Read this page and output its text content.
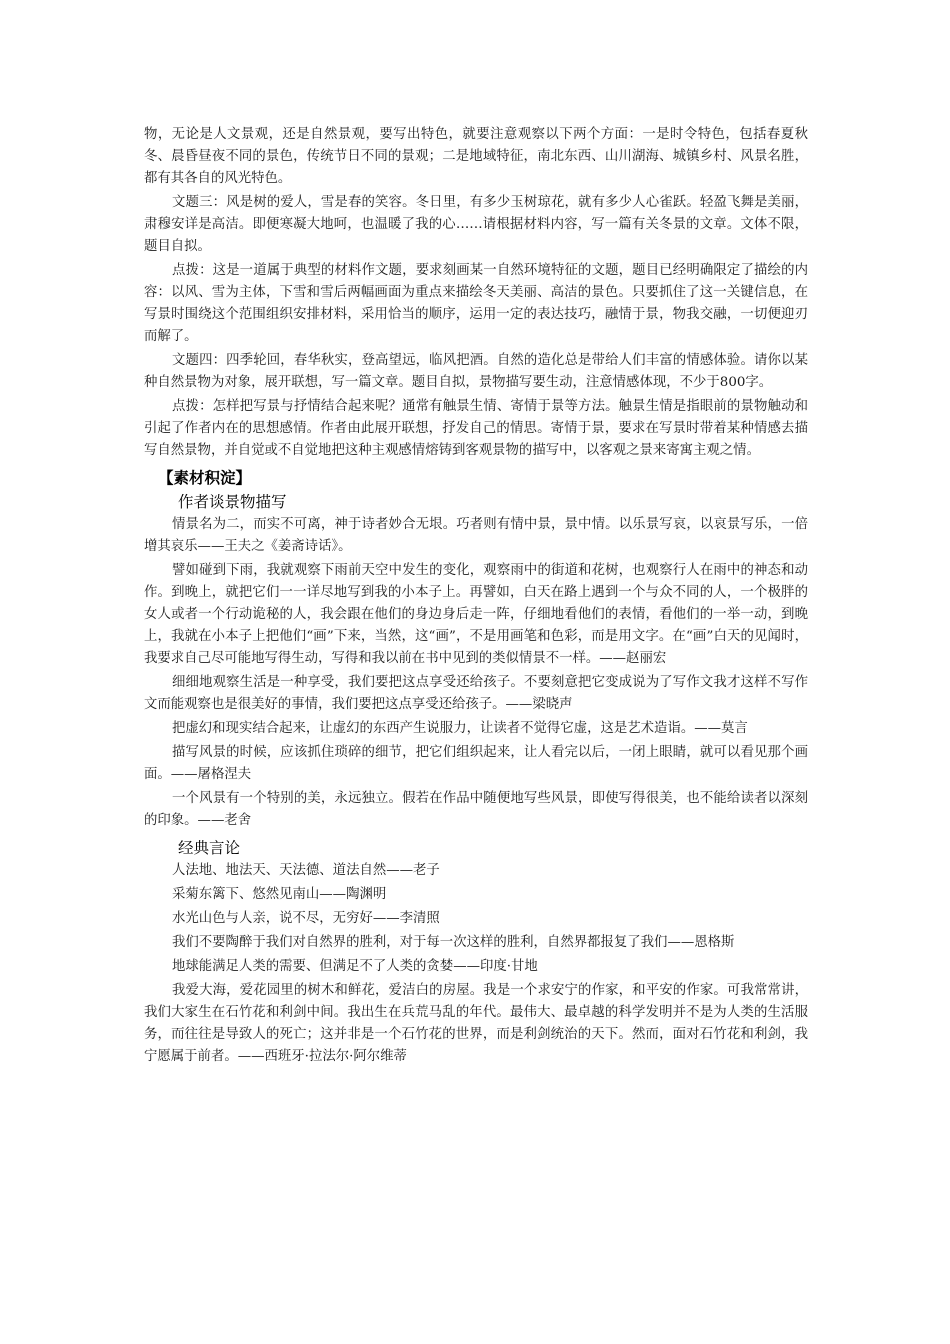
物，无论是人文景观，还是自然景观，要写出特色，就要注意观察以下两个方面：一是时令特色，包括春夏秋冬、晨昏昼夜不同的景色，传统节日不同的景观；二是地域特征，南北东西、山川湖海、城镇乡村、风景名胜，都有其各自的风光特色。

文题三：风是树的爱人，雪是春的笑容。冬日里，有多少玉树琼花，就有多少人心雀跃。轻盈飞舞是美丽，肃穆安详是高洁。即便寒凝大地呵，也温暖了我的心……请根据材料内容，写一篇有关冬景的文章。文体不限，题目自拟。

点拨：这是一道属于典型的材料作文题，要求刻画某一自然环境特征的文题，题目已经明确限定了描绘的内容：以风、雪为主体，下雪和雪后两幅画面为重点来描绘冬天美丽、高洁的景色。只要抓住了这一关键信息，在写景时围绕这个范围组织安排材料，采用恰当的顺序，运用一定的表达技巧，融情于景，物我交融，一切便迎刃而解了。

文题四：四季轮回，春华秋实，登高望远，临风把酒。自然的造化总是带给人们丰富的情感体验。请你以某种自然景物为对象，展开联想，写一篇文章。题目自拟，景物描写要生动，注意情感体现，不少于800字。

点拨：怎样把写景与抒情结合起来呢？通常有触景生情、寄情于景等方法。触景生情是指眼前的景物触动和引起了作者内在的思想感情。作者由此展开联想，抒发自己的情思。寄情于景，要求在写景时带着某种情感去描写自然景物，并自觉或不自觉地把这种主观感情熔铸到客观景物的描写中，以客观之景来寄寓主观之情。

【素材积淀】
作者谈景物描写

情景名为二，而实不可离，神于诗者妙合无垠。巧者则有情中景，景中情。以乐景写哀，以哀景写乐，一倍增其哀乐——王夫之《姜斋诗话》。

譬如碰到下雨，我就观察下雨前天空中发生的变化，观察雨中的街道和花树，也观察行人在雨中的神态和动作。到晚上，就把它们一一详尽地写到我的小本子上。再譬如，白天在路上遇到一个与众不同的人，一个极胖的女人或者一个行动诡秘的人，我会跟在他们的身边身后走一阵，仔细地看他们的表情，看他们的一举一动，到晚上，我就在小本子上把他们“画”下来，当然，这“画”，不是用画笔和色彩，而是用文字。在“画”白天的见闻时，我要求自己尽可能地写得生动，写得和我以前在书中见到的类似情景不一样。——赵丽宏

细细地观察生活是一种享受，我们要把这点享受还给孩子。不要刻意把它变成说为了写作文我才这样不写作文而能观察也是很美好的事情，我们要把这点享受还给孩子。——梁晓声

把虚幻和现实结合起来，让虚幻的东西产生说服力，让读者不觉得它虚，这是艺术造诣。——莫言

描写风景的时候，应该抓住琐碎的细节，把它们组织起来，让人看完以后，一闭上眼睛，就可以看见那个画面。——屠格涅夫

一个风景有一个特别的美，永远独立。假若在作品中随便地写些风景，即使写得很美，也不能给读者以深刻的印象。——老舍

经典言论

人法地、地法天、天法德、道法自然——老子

采菊东篱下、悠然见南山——陶渊明

水光山色与人亲，说不尽，无穷好——李清照

我们不要陶醉于我们对自然界的胜利，对于每一次这样的胜利，自然界都报复了我们——恩格斯

地球能满足人类的需要、但满足不了人类的贪婪——印度·甘地

我爱大海，爱花园里的树木和鲜花，爱洁白的房屋。我是一个求安宁的作家，和平安的作家。可我常常讲，我们大家生在石竹花和利剑中间。我出生在兵荒马乱的年代。最伟大、最卓越的科学发明并不是为人类的生活服务，而往往是导致人的死亡；这并非是一个石竹花的世界，而是利剑统治的天下。然而，面对石竹花和利剑，我宁愿属于前者。——西班牙·拉法尔·阿尔维蒂
